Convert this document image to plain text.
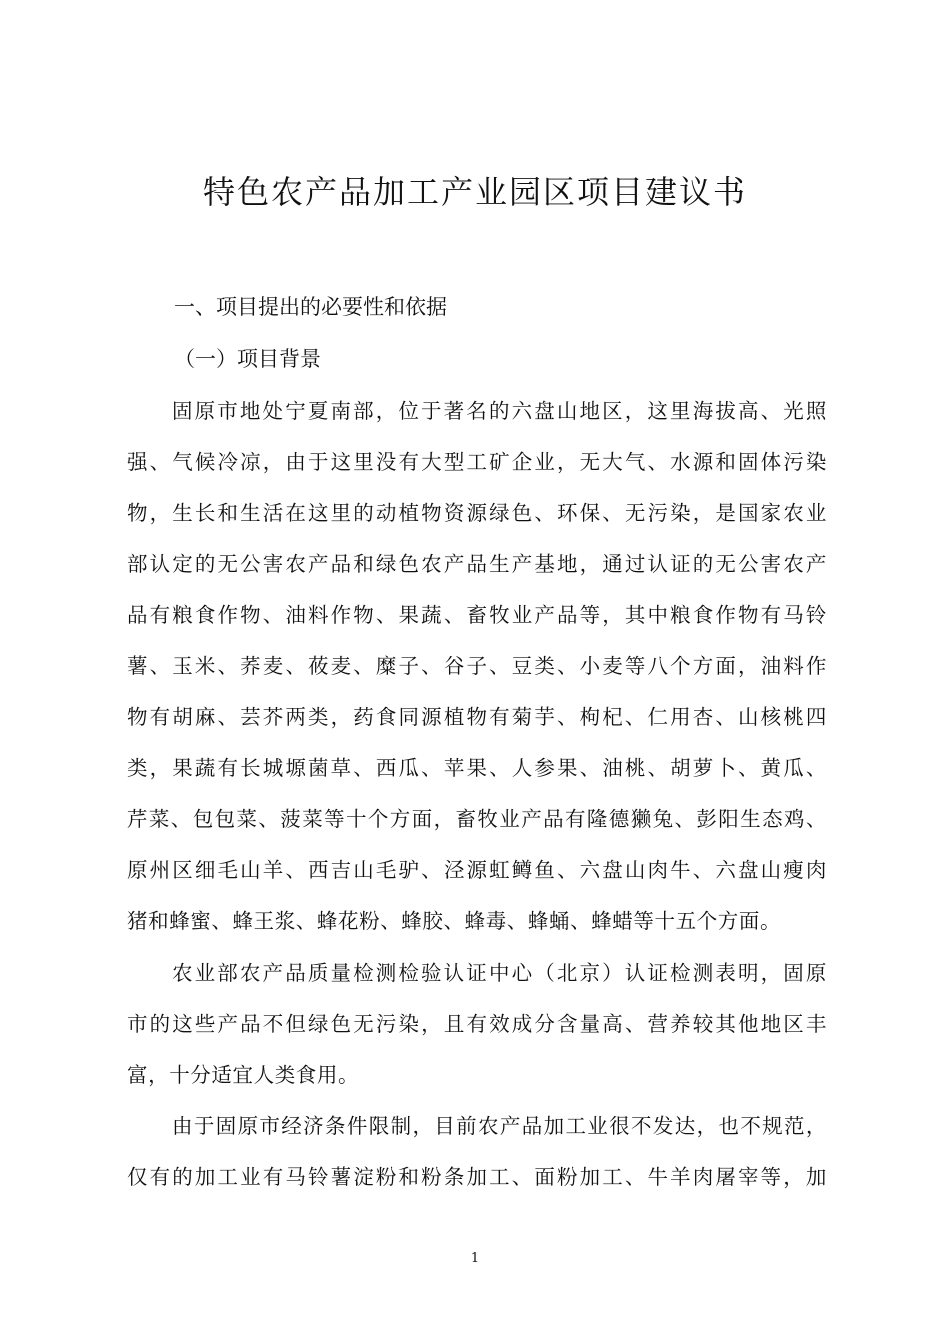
特色农产品加工产业园区项目建议书
一、项目提出的必要性和依据
（一）项目背景
固原市地处宁夏南部，位于著名的六盘山地区，这里海拔高、光照
强、气候冷凉，由于这里没有大型工矿企业，无大气、水源和固体污染
物，生长和生活在这里的动植物资源绿色、环保、无污染，是国家农业
部认定的无公害农产品和绿色农产品生产基地，通过认证的无公害农产
品有粮食作物、油料作物、果蔬、畜牧业产品等，其中粮食作物有马铃
薯、玉米、荞麦、莜麦、糜子、谷子、豆类、小麦等八个方面，油料作
物有胡麻、芸芥两类，药食同源植物有菊芋、枸杞、仁用杏、山核桃四
类，果蔬有长城塬菌草、西瓜、苹果、人参果、油桃、胡萝卜、黄瓜、
芹菜、包包菜、菠菜等十个方面，畜牧业产品有隆德獭兔、彭阳生态鸡、
原州区细毛山羊、西吉山毛驴、泾源虹鳟鱼、六盘山肉牛、六盘山瘦肉
猪和蜂蜜、蜂王浆、蜂花粉、蜂胶、蜂毒、蜂蛹、蜂蜡等十五个方面。
农业部农产品质量检测检验认证中心（北京）认证检测表明，固原
市的这些产品不但绿色无污染，且有效成分含量高、营养较其他地区丰
富，十分适宜人类食用。
由于固原市经济条件限制，目前农产品加工业很不发达，也不规范，
仅有的加工业有马铃薯淀粉和粉条加工、面粉加工、牛羊肉屠宰等，加
1
